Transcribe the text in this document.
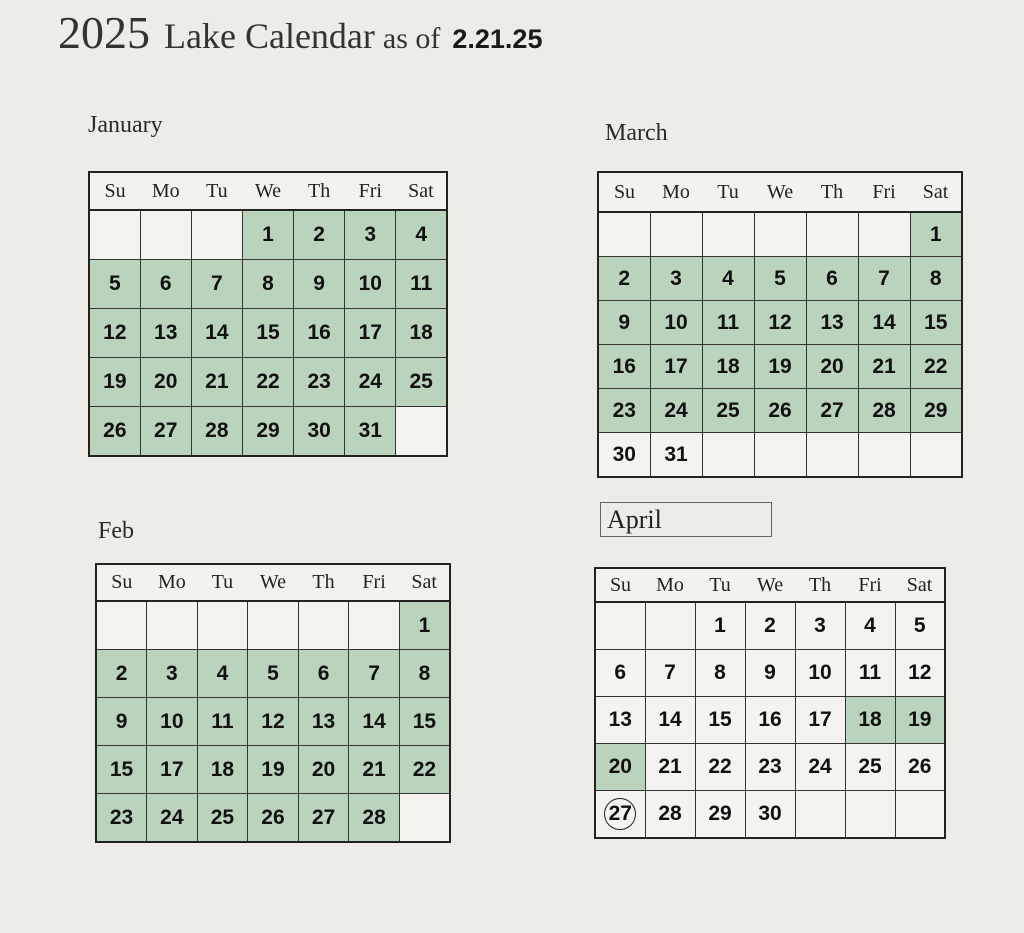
2025 Lake Calendar as of 2.21.25
January
Su	Mo	Tu	We	Th	Fri	Sat
			1	2	3	4
5	6	7	8	9	10	11
12	13	14	15	16	17	18
19	20	21	22	23	24	25
26	27	28	29	30	31	
March
Su	Mo	Tu	We	Th	Fri	Sat
						1
2	3	4	5	6	7	8
9	10	11	12	13	14	15
16	17	18	19	20	21	22
23	24	25	26	27	28	29
30	31					
Feb
Su	Mo	Tu	We	Th	Fri	Sat
						1
2	3	4	5	6	7	8
9	10	11	12	13	14	15
15	17	18	19	20	21	22
23	24	25	26	27	28	
April
Su	Mo	Tu	We	Th	Fri	Sat
		1	2	3	4	5
6	7	8	9	10	11	12
13	14	15	16	17	18	19
20	21	22	23	24	25	26
27	28	29	30			
